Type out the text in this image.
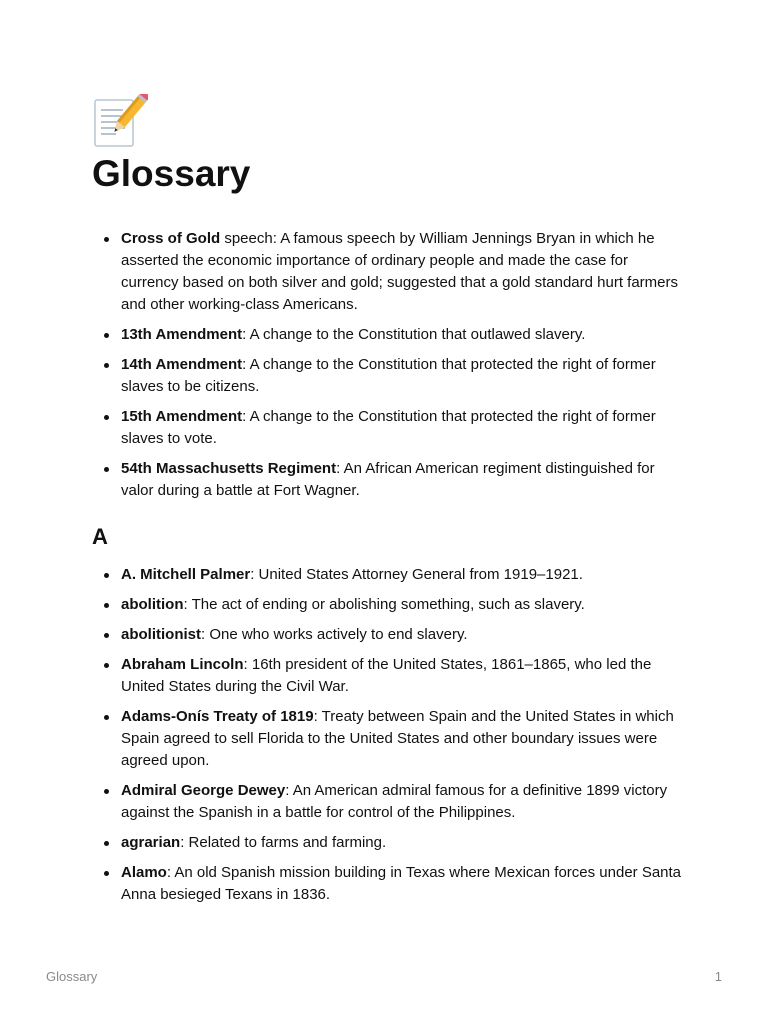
Glossary
Cross of Gold speech: A famous speech by William Jennings Bryan in which he asserted the economic importance of ordinary people and made the case for currency based on both silver and gold; suggested that a gold standard hurt farmers and other working-class Americans.
13th Amendment: A change to the Constitution that outlawed slavery.
14th Amendment: A change to the Constitution that protected the right of former slaves to be citizens.
15th Amendment: A change to the Constitution that protected the right of former slaves to vote.
54th Massachusetts Regiment: An African American regiment distinguished for valor during a battle at Fort Wagner.
A
A. Mitchell Palmer: United States Attorney General from 1919–1921.
abolition: The act of ending or abolishing something, such as slavery.
abolitionist: One who works actively to end slavery.
Abraham Lincoln: 16th president of the United States, 1861–1865, who led the United States during the Civil War.
Adams-Onís Treaty of 1819: Treaty between Spain and the United States in which Spain agreed to sell Florida to the United States and other boundary issues were agreed upon.
Admiral George Dewey: An American admiral famous for a definitive 1899 victory against the Spanish in a battle for control of the Philippines.
agrarian: Related to farms and farming.
Alamo: An old Spanish mission building in Texas where Mexican forces under Santa Anna besieged Texans in 1836.
Glossary	1
